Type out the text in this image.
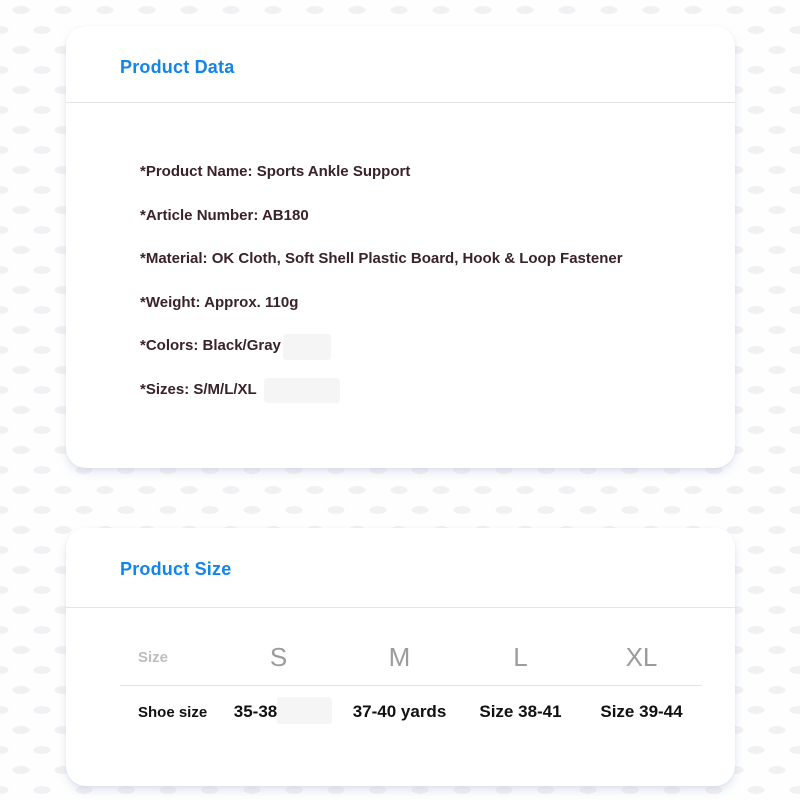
Product Data

*Product Name: Sports Ankle Support

*Article Number: AB180

*Material: OK Cloth, Soft Shell Plastic Board, Hook & Loop Fastener

*Weight: Approx. 110g

*Colors: Black/Gray

*Sizes: S/M/L/XL

Product Size
Size	S	M	L	XL
Shoe size	35-38	37-40 yards	Size 38-41	Size 39-44
